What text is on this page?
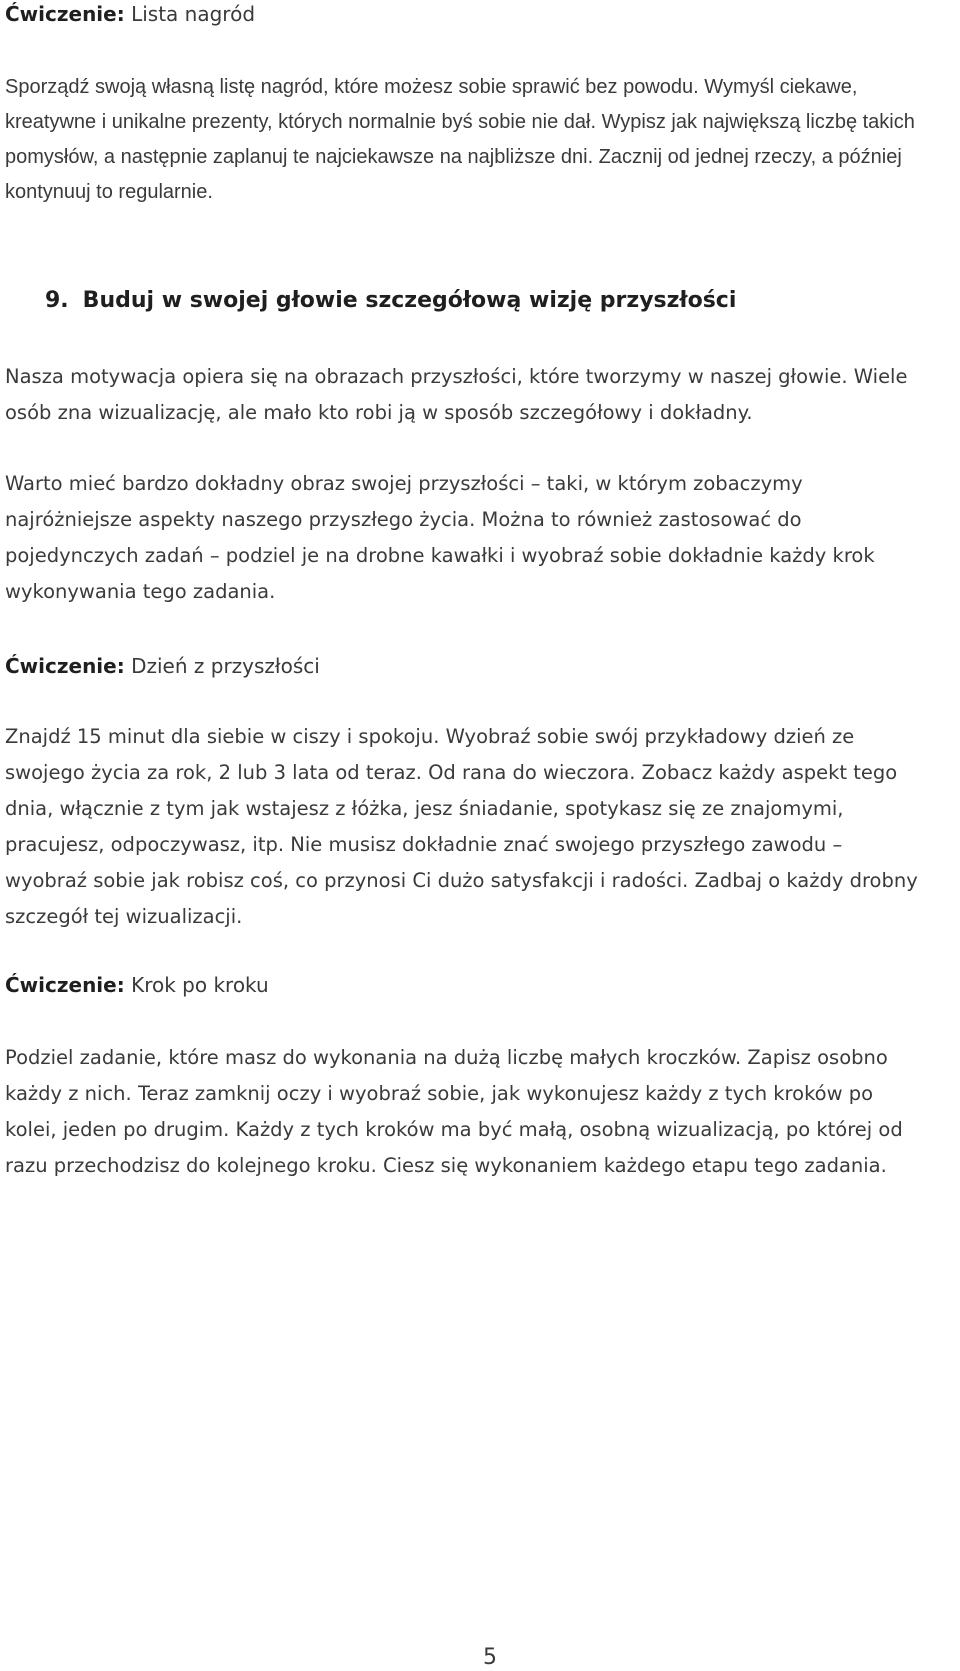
Ćwiczenie: Lista nagród

Sporządź swoją własną listę nagród, które możesz sobie sprawić bez powodu. Wymyśl ciekawe, kreatywne i unikalne prezenty, których normalnie byś sobie nie dał. Wypisz jak największą liczbę takich pomysłów, a następnie zaplanuj te najciekawsze na najbliższe dni. Zacznij od jednej rzeczy, a później kontynuuj to regularnie.

9. Buduj w swojej głowie szczegółową wizję przyszłości

Nasza motywacja opiera się na obrazach przyszłości, które tworzymy w naszej głowie. Wiele osób zna wizualizację, ale mało kto robi ją w sposób szczegółowy i dokładny.

Warto mieć bardzo dokładny obraz swojej przyszłości – taki, w którym zobaczymy najróżniejsze aspekty naszego przyszłego życia. Można to również zastosować do pojedynczych zadań – podziel je na drobne kawałki i wyobraź sobie dokładnie każdy krok wykonywania tego zadania.

Ćwiczenie: Dzień z przyszłości

Znajdź 15 minut dla siebie w ciszy i spokoju. Wyobraź sobie swój przykładowy dzień ze swojego życia za rok, 2 lub 3 lata od teraz. Od rana do wieczora. Zobacz każdy aspekt tego dnia, włącznie z tym jak wstajesz z łóżka, jesz śniadanie, spotykasz się ze znajomymi, pracujesz, odpoczywasz, itp. Nie musisz dokładnie znać swojego przyszłego zawodu – wyobraź sobie jak robisz coś, co przynosi Ci dużo satysfakcji i radości. Zadbaj o każdy drobny szczegół tej wizualizacji.

Ćwiczenie: Krok po kroku

Podziel zadanie, które masz do wykonania na dużą liczbę małych kroczków. Zapisz osobno każdy z nich. Teraz zamknij oczy i wyobraź sobie, jak wykonujesz każdy z tych kroków po kolei, jeden po drugim. Każdy z tych kroków ma być małą, osobną wizualizacją, po której od razu przechodzisz do kolejnego kroku. Ciesz się wykonaniem każdego etapu tego zadania.

5
